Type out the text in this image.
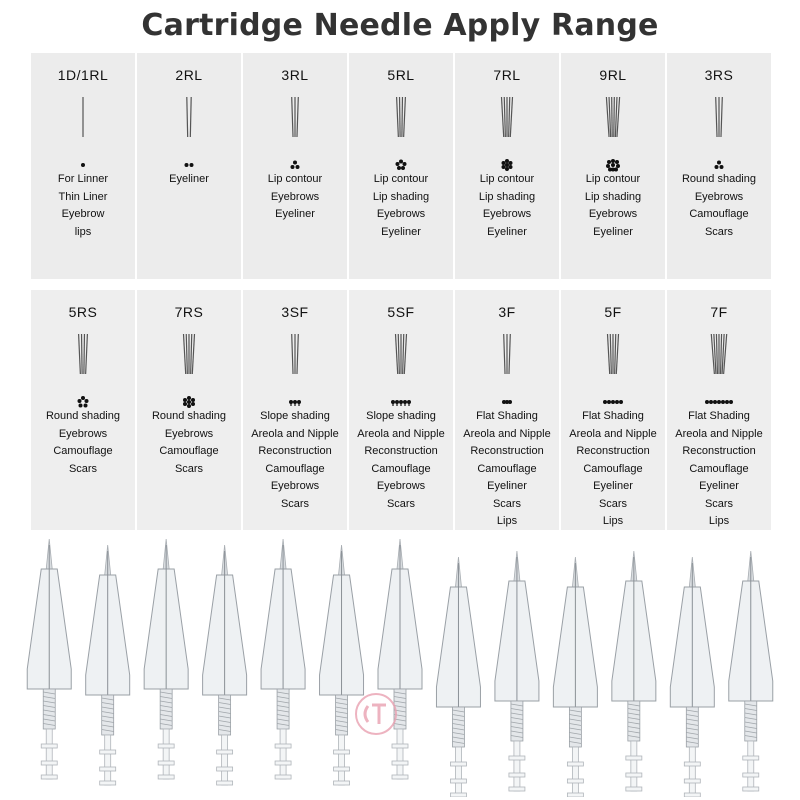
Cartridge Needle Apply Range
1D/1RL
For Linner
Thin Liner
Eyebrow
lips
2RL
Eyeliner
3RL
Lip contour
Eyebrows
Eyeliner
5RL
Lip contour
Lip shading
Eyebrows
Eyeliner
7RL
Lip contour
Lip shading
Eyebrows
Eyeliner
9RL
Lip contour
Lip shading
Eyebrows
Eyeliner
3RS
Round shading
Eyebrows
Camouflage
Scars
5RS
Round shading
Eyebrows
Camouflage
Scars
7RS
Round shading
Eyebrows
Camouflage
Scars
3SF
Slope shading
Areola and Nipple
Reconstruction
Camouflage
Eyebrows
Scars
5SF
Slope shading
Areola and Nipple
Reconstruction
Camouflage
Eyebrows
Scars
3F
Flat Shading
Areola and Nipple
Reconstruction
Camouflage
Eyeliner
Scars
Lips
5F
Flat Shading
Areola and Nipple
Reconstruction
Camouflage
Eyeliner
Scars
Lips
7F
Flat Shading
Areola and Nipple
Reconstruction
Camouflage
Eyeliner
Scars
Lips
